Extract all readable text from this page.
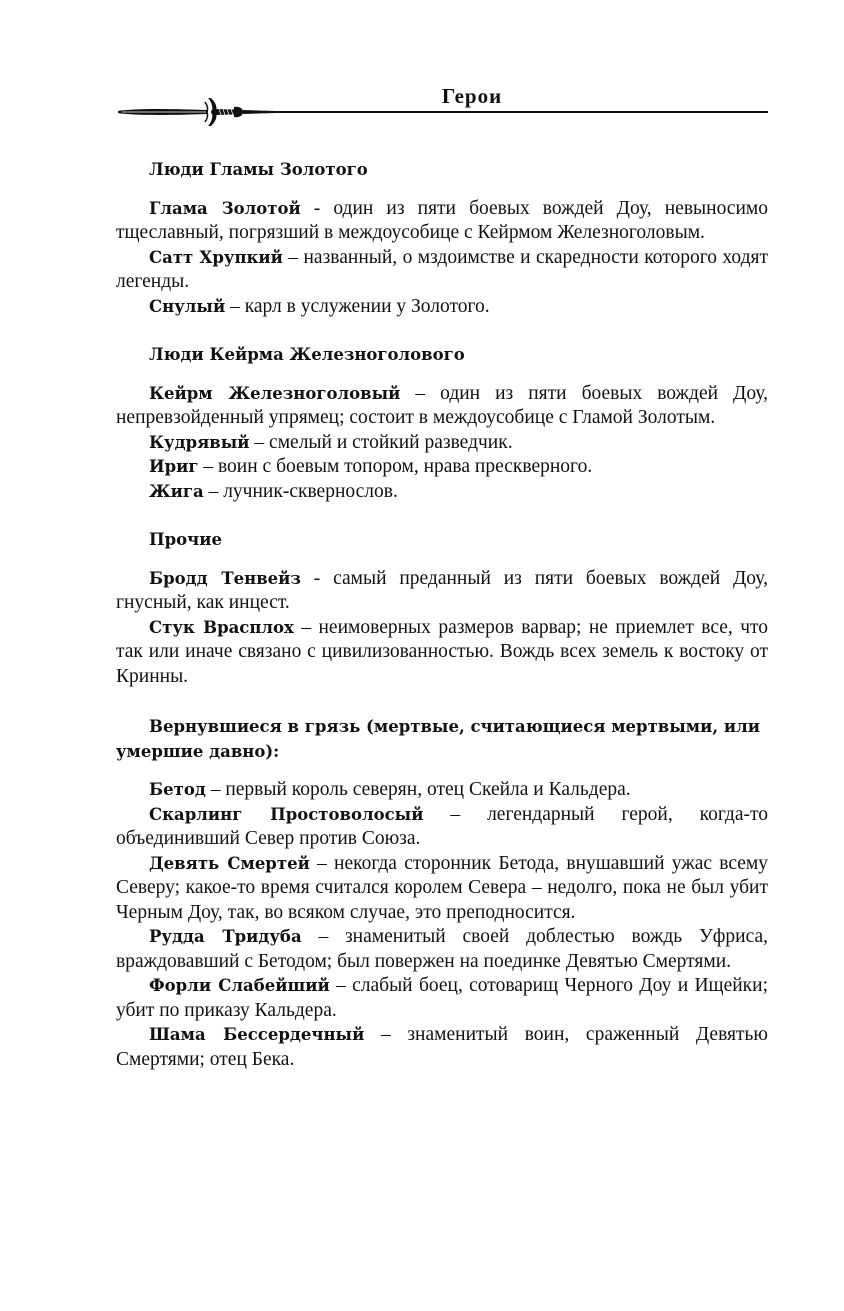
Герои

Люди Гламы Золотого

Глама Золотой - один из пяти боевых вождей Доу, невыносимо тщеславный, погрязший в междоусобице с Кейрмом Железноголовым.

Сатт Хрупкий – названный, о мздоимстве и скаредности которого ходят легенды.

Снулый – карл в услужении у Золотого.

Люди Кейрма Железноголового

Кейрм Железноголовый – один из пяти боевых вождей Доу, непревзойденный упрямец; состоит в междоусобице с Гламой Золотым.

Кудрявый – смелый и стойкий разведчик.

Ириг – воин с боевым топором, нрава прескверного.

Жига – лучник-сквернослов.

Прочие

Бродд Тенвейз - самый преданный из пяти боевых вождей Доу, гнусный, как инцест.

Стук Врасплох – неимоверных размеров варвар; не приемлет все, что так или иначе связано с цивилизованностью. Вождь всех земель к востоку от Кринны.

Вернувшиеся в грязь (мертвые, считающиеся мертвыми, или умершие давно):

Бетод – первый король северян, отец Скейла и Кальдера.

Скарлинг Простоволосый – легендарный герой, когда-то объединивший Север против Союза.

Девять Смертей – некогда сторонник Бетода, внушавший ужас всему Северу; какое-то время считался королем Севера – недолго, пока не был убит Черным Доу, так, во всяком случае, это преподносится.

Рудда Тридуба – знаменитый своей доблестью вождь Уфриса, враждовавший с Бетодом; был повержен на поединке Девятью Смертями.

Форли Слабейший – слабый боец, сотоварищ Черного Доу и Ищейки; убит по приказу Кальдера.

Шама Бессердечный – знаменитый воин, сраженный Девятью Смертями; отец Бека.
